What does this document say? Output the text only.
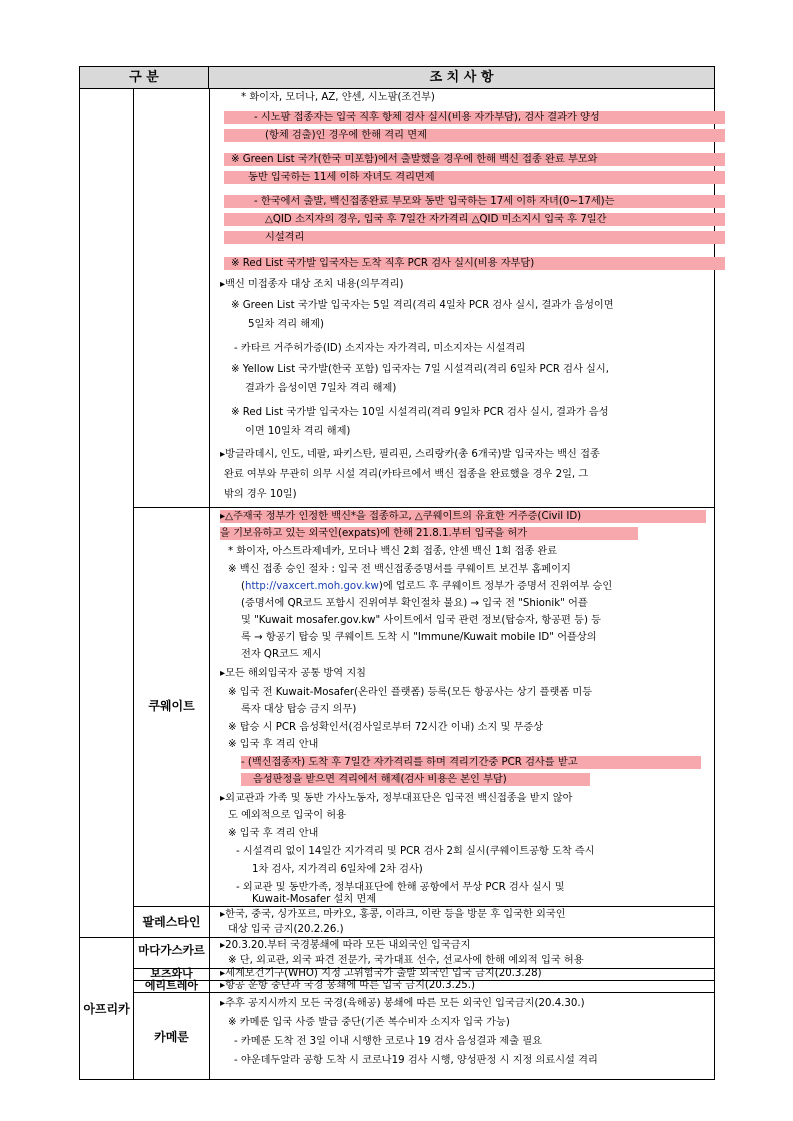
구 분	조 치 사 항
쿠웨이트
팔레스타인
마다가스카르
보츠와나
에리트레아
카메룬
아프리카
* 화이자, 모더나, AZ, 얀센, 시노팜(조건부)
- 시노팜 접종자는 입국 직후 항체 검사 실시(비용 자가부담), 검사 결과가 양성
(항체 검출)인 경우에 한해 격리 면제
※ Green List 국가(한국 미포함)에서 출발했을 경우에 한해 백신 접종 완료 부모와
동반 입국하는 11세 이하 자녀도 격리면제
- 한국에서 출발, 백신접종완료 부모와 동반 입국하는 17세 이하 자녀(0~17세)는
△QID 소지자의 경우, 입국 후 7일간 자가격리 △QID 미소지시 입국 후 7일간
시설격리
※ Red List 국가발 입국자는 도착 직후 PCR 검사 실시(비용 자부담)
▸백신 미접종자 대상 조치 내용(의무격리)
※ Green List 국가발 입국자는 5일 격리(격리 4일차 PCR 검사 실시, 결과가 음성이면
5일차 격리 해제)
- 카타르 거주허가증(ID) 소지자는 자가격리, 미소지자는 시설격리
※ Yellow List 국가발(한국 포함) 입국자는 7일 시설격리(격리 6일차 PCR 검사 실시,
결과가 음성이면 7일차 격리 해제)
※ Red List 국가발 입국자는 10일 시설격리(격리 9일차 PCR 검사 실시, 결과가 음성
이면 10일차 격리 해제)
▸방글라데시, 인도, 네팔, 파키스탄, 필리핀, 스리랑카(총 6개국)발 입국자는 백신 접종
완료 여부와 무관히 의무 시설 격리(카타르에서 백신 접종을 완료했을 경우 2일, 그
밖의 경우 10일)
▸△주재국 정부가 인정한 백신*을 접종하고, △쿠웨이트의 유효한 거주증(Civil ID)
을 기보유하고 있는 외국인(expats)에 한해 21.8.1.부터 입국을 허가
* 화이자, 아스트라제네카, 모더나 백신 2회 접종, 얀센 백신 1회 접종 완료
※ 백신 접종 승인 절차 : 입국 전 백신접종증명서를 쿠웨이트 보건부 홈페이지
(http://vaxcert.moh.gov.kw)에 업로드 후 쿠웨이트 정부가 증명서 진위여부 승인
(증명서에 QR코드 포함시 진위여부 확인절차 불요) → 입국 전 "Shionik" 어플
및 "Kuwait mosafer.gov.kw" 사이트에서 입국 관련 정보(탑승자, 항공편 등) 등
록 → 항공기 탑승 및 쿠웨이트 도착 시 "Immune/Kuwait mobile ID" 어플상의
전자 QR코드 제시
▸모든 해외입국자 공통 방역 지침
※ 입국 전 Kuwait-Mosafer(온라인 플랫폼) 등록(모든 항공사는 상기 플랫폼 미등
록자 대상 탑승 금지 의무)
※ 탑승 시 PCR 음성확인서(검사일로부터 72시간 이내) 소지 및 무증상
※ 입국 후 격리 안내
- (백신접종자) 도착 후 7일간 자가격리를 하며 격리기간중 PCR 검사를 받고
음성판정을 받으면 격리에서 해제(검사 비용은 본인 부담)
▸외교관과 가족 및 동반 가사노동자, 정부대표단은 입국전 백신접종을 받지 않아
도 예외적으로 입국이 허용
※ 입국 후 격리 안내
- 시설격리 없이 14일간 지가격리 및 PCR 검사 2회 실시(쿠웨이트공항 도착 즉시
1차 검사, 지가격리 6일차에 2차 검사)
- 외교관 및 동반가족, 정부대표단에 한해 공항에서 무상 PCR 검사 실시 및
Kuwait-Mosafer 설치 면제
▸한국, 중국, 싱가포르, 마카오, 홍콩, 이라크, 이란 등을 방문 후 입국한 외국인
대상 입국 금지(20.2.26.)
▸20.3.20.부터 국경봉쇄에 따라 모든 내외국인 입국금지
※ 단, 외교관, 외국 파견 전문가, 국가대표 선수, 선교사에 한해 예외적 입국 허용
▸세계보건기구(WHO) 지정 고위험국가 출발 외국인 입국 금지(20.3.28)
▸항공 운항 중단과 국경 봉쇄에 따른 입국 금지(20.3.25.)
▸추후 공지시까지 모든 국경(육해공) 봉쇄에 따른 모든 외국인 입국금지(20.4.30.)
※ 카메룬 입국 사증 발급 중단(기존 복수비자 소지자 입국 가능)
- 카메룬 도착 전 3일 이내 시행한 코로나 19 검사 음성결과 제출 필요
- 야운데두알라 공항 도착 시 코로나19 검사 시행, 양성판정 시 지정 의료시설 격리
